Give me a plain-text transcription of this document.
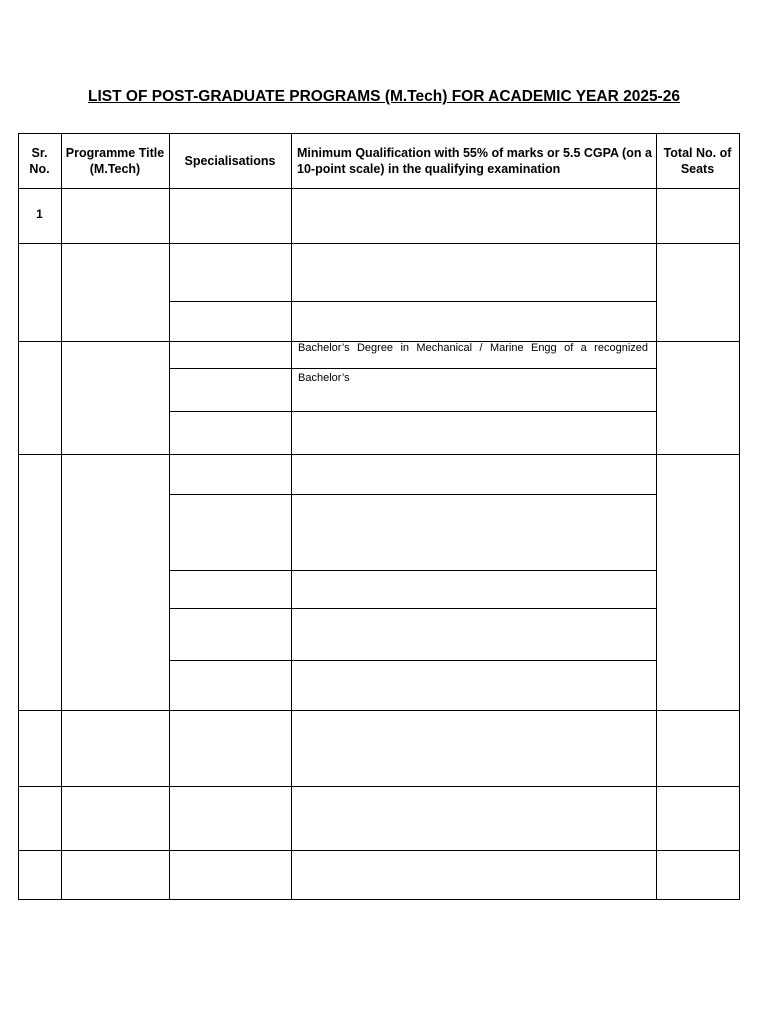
LIST OF POST-GRADUATE PROGRAMS (M.Tech) FOR ACADEMIC YEAR 2025-26
Sr. No.
Programme Title (M.Tech)
Specialisations
Minimum Qualification with 55% of marks or 5.5 CGPA (on a 10-point scale) in the qualifying examination
Total No. of Seats
1
Bachelor’s Degree in Mechanical / Marine Engg of a recognized
Bachelor’s
